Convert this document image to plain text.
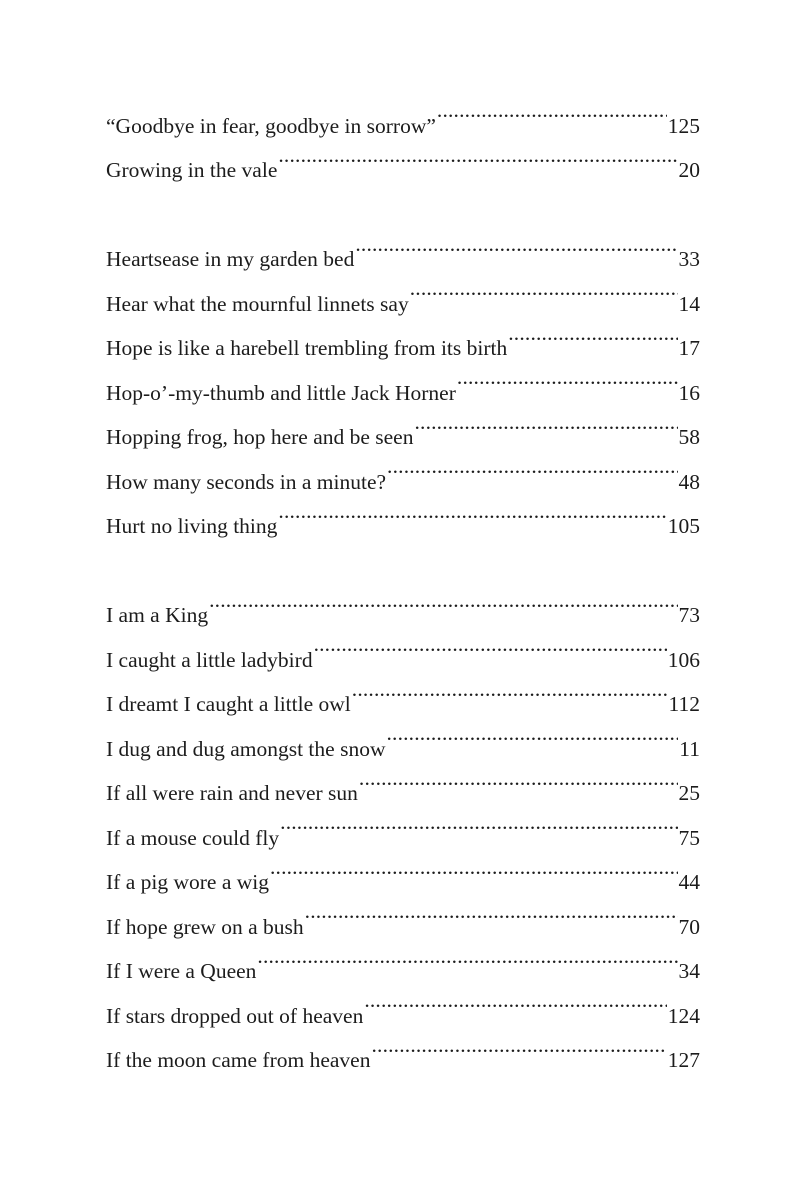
“Goodbye in fear, goodbye in sorrow” . . .	125
Growing in the vale . . .	20
Heartsease in my garden bed . . .	33
Hear what the mournful linnets say . . .	14
Hope is like a harebell trembling from its birth . . .	17
Hop-o’-my-thumb and little Jack Horner . . .	16
Hopping frog, hop here and be seen . . .	58
How many seconds in a minute? . . .	48
Hurt no living thing . . .	105
I am a King . . .	73
I caught a little ladybird . . .	106
I dreamt I caught a little owl . . .	112
I dug and dug amongst the snow . . .	11
If all were rain and never sun . . .	25
If a mouse could fly . . .	75
If a pig wore a wig . . .	44
If hope grew on a bush . . .	70
If I were a Queen . . .	34
If stars dropped out of heaven . . .	124
If the moon came from heaven . . .	127
